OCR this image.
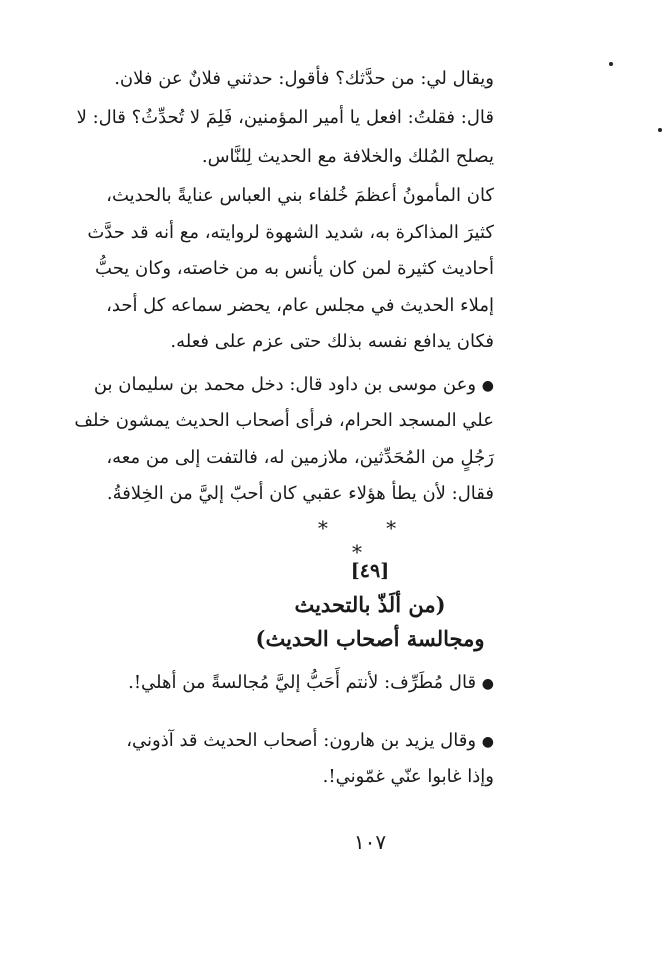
ويقال لي: من حدَّثك؟ فأقول: حدثني فلانٌ عن فلان.
قال: فقلتُ: افعل يا أمير المؤمنين، فَلِمَ لا تُحدِّثُ؟ قال: لا
يصلح المُلك والخلافة مع الحديث لِلنَّاس.
كان المأمونُ أعظمَ خُلفاء بني العباس عنايةً بالحديث،
كثيرَ المذاكرة به، شديد الشهوة لروايته، مع أنه قد حدَّث
أحاديث كثيرة لمن كان يأنس به من خاصته، وكان يحبُّ
إملاء الحديث في مجلس عام، يحضر سماعه كل أحد،
فكان يدافع نفسه بذلك حتى عزم على فعله.
● وعن موسى بن داود قال: دخل محمد بن سليمان بن
علي المسجد الحرام، فرأى أصحاب الحديث يمشون خلف
رَجُلٍ من المُحَدِّثين، ملازمين له، فالتفت إلى من معه،
فقال: لأن يطأ هؤلاء عقبي كان أحبّ إليَّ من الخِلافةُ.
* * *
[٤٩]
(من ألَذّ بالتحديث
ومجالسة أصحاب الحديث)
● قال مُطَرِّف: لأنتم أَحَبُّ إليَّ مُجالسةً من أهلي!.
● وقال يزيد بن هارون: أصحاب الحديث قد آذوني،
وإذا غابوا عنّي غمّوني!.
١٠٧
